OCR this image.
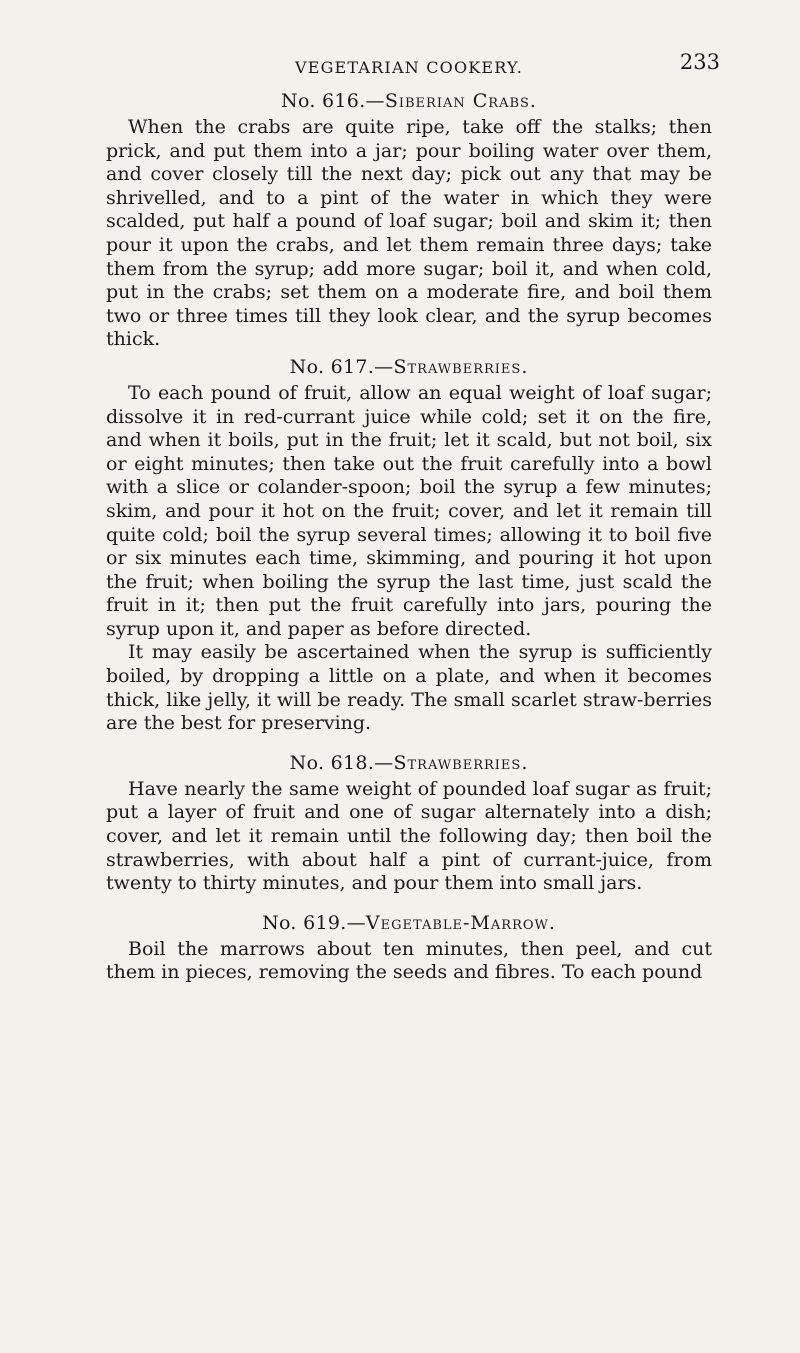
VEGETARIAN COOKERY.	233
No. 616.—Siberian Crabs.

When the crabs are quite ripe, take off the stalks; then prick, and put them into a jar; pour boiling water over them, and cover closely till the next day; pick out any that may be shrivelled, and to a pint of the water in which they were scalded, put half a pound of loaf sugar; boil and skim it; then pour it upon the crabs, and let them remain three days; take them from the syrup; add more sugar; boil it, and when cold, put in the crabs; set them on a moderate fire, and boil them two or three times till they look clear, and the syrup becomes thick.

No. 617.—Strawberries.

To each pound of fruit, allow an equal weight of loaf sugar; dissolve it in red-currant juice while cold; set it on the fire, and when it boils, put in the fruit; let it scald, but not boil, six or eight minutes; then take out the fruit carefully into a bowl with a slice or colander-spoon; boil the syrup a few minutes; skim, and pour it hot on the fruit; cover, and let it remain till quite cold; boil the syrup several times; allowing it to boil five or six minutes each time, skimming, and pouring it hot upon the fruit; when boiling the syrup the last time, just scald the fruit in it; then put the fruit carefully into jars, pouring the syrup upon it, and paper as before directed.

It may easily be ascertained when the syrup is sufficiently boiled, by dropping a little on a plate, and when it becomes thick, like jelly, it will be ready. The small scarlet straw-berries are the best for preserving.

No. 618.—Strawberries.

Have nearly the same weight of pounded loaf sugar as fruit; put a layer of fruit and one of sugar alternately into a dish; cover, and let it remain until the following day; then boil the strawberries, with about half a pint of currant-juice, from twenty to thirty minutes, and pour them into small jars.

No. 619.—Vegetable-Marrow.

Boil the marrows about ten minutes, then peel, and cut them in pieces, removing the seeds and fibres. To each pound
